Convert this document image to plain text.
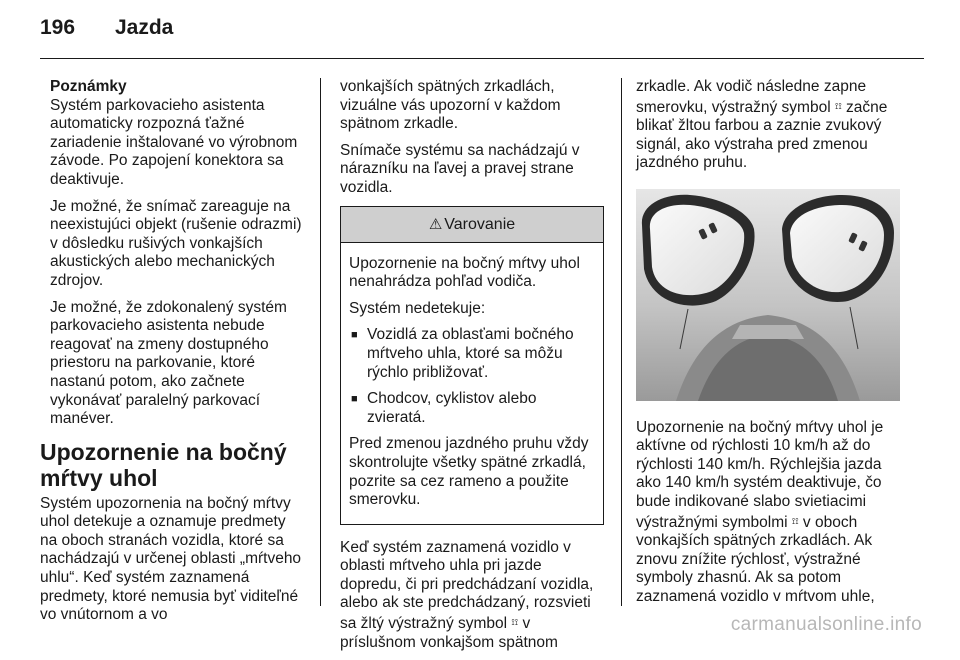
196	Jazda
Poznámky

Systém parkovacieho asistenta automaticky rozpozná ťažné zariadenie inštalované vo výrobnom závode. Po zapojení konektora sa deaktivuje.

Je možné, že snímač zareaguje na neexistujúci objekt (rušenie odrazmi) v dôsledku rušivých vonkajších akustických alebo mechanických zdrojov.

Je možné, že zdokonalený systém parkovacieho asistenta nebude reagovať na zmeny dostupného priestoru na parkovanie, ktoré nastanú potom, ako začnete vykonávať paralelný parkovací manéver.

Upozornenie na bočný mŕtvy uhol

Systém upozornenia na bočný mŕtvy uhol detekuje a oznamuje predmety na oboch stranách vozidla, ktoré sa nachádzajú v určenej oblasti „mŕtveho uhlu“. Keď systém zaznamená predmety, ktoré nemusia byť viditeľné vo vnútornom a vo

vonkajších spätných zrkadlách, vizuálne vás upozorní v každom spätnom zrkadle.

Snímače systému sa nachádzajú v nárazníku na ľavej a pravej strane vozidla.

⚠ Varovanie

Upozornenie na bočný mŕtvy uhol nenahrádza pohľad vodiča.

Systém nedetekuje:

■ Vozidlá za oblasťami bočného mŕtveho uhla, ktoré sa môžu rýchlo približovať.
■ Chodcov, cyklistov alebo zvieratá.

Pred zmenou jazdného pruhu vždy skontrolujte všetky spätné zrkadlá, pozrite sa cez rameno a použite smerovku.

Keď systém zaznamená vozidlo v oblasti mŕtveho uhla pri jazde dopredu, či pri predchádzaní vozidla, alebo ak ste predchádzaný, rozsvieti sa žltý výstražný symbol ⟟⟟ v príslušnom vonkajšom spätnom

zrkadle. Ak vodič následne zapne smerovku, výstražný symbol ⟟⟟ začne blikať žltou farbou a zaznie zvukový signál, ako výstraha pred zmenou jazdného pruhu.

Upozornenie na bočný mŕtvy uhol je aktívne od rýchlosti 10 km/h až do rýchlosti 140 km/h. Rýchlejšia jazda ako 140 km/h systém deaktivuje, čo bude indikované slabo svietiacimi výstražnými symbolmi ⟟⟟ v oboch vonkajších spätných zrkadlách. Ak znovu znížite rýchlosť, výstražné symboly zhasnú. Ak sa potom zaznamená vozidlo v mŕtvom uhle,

carmanualsonline.info
